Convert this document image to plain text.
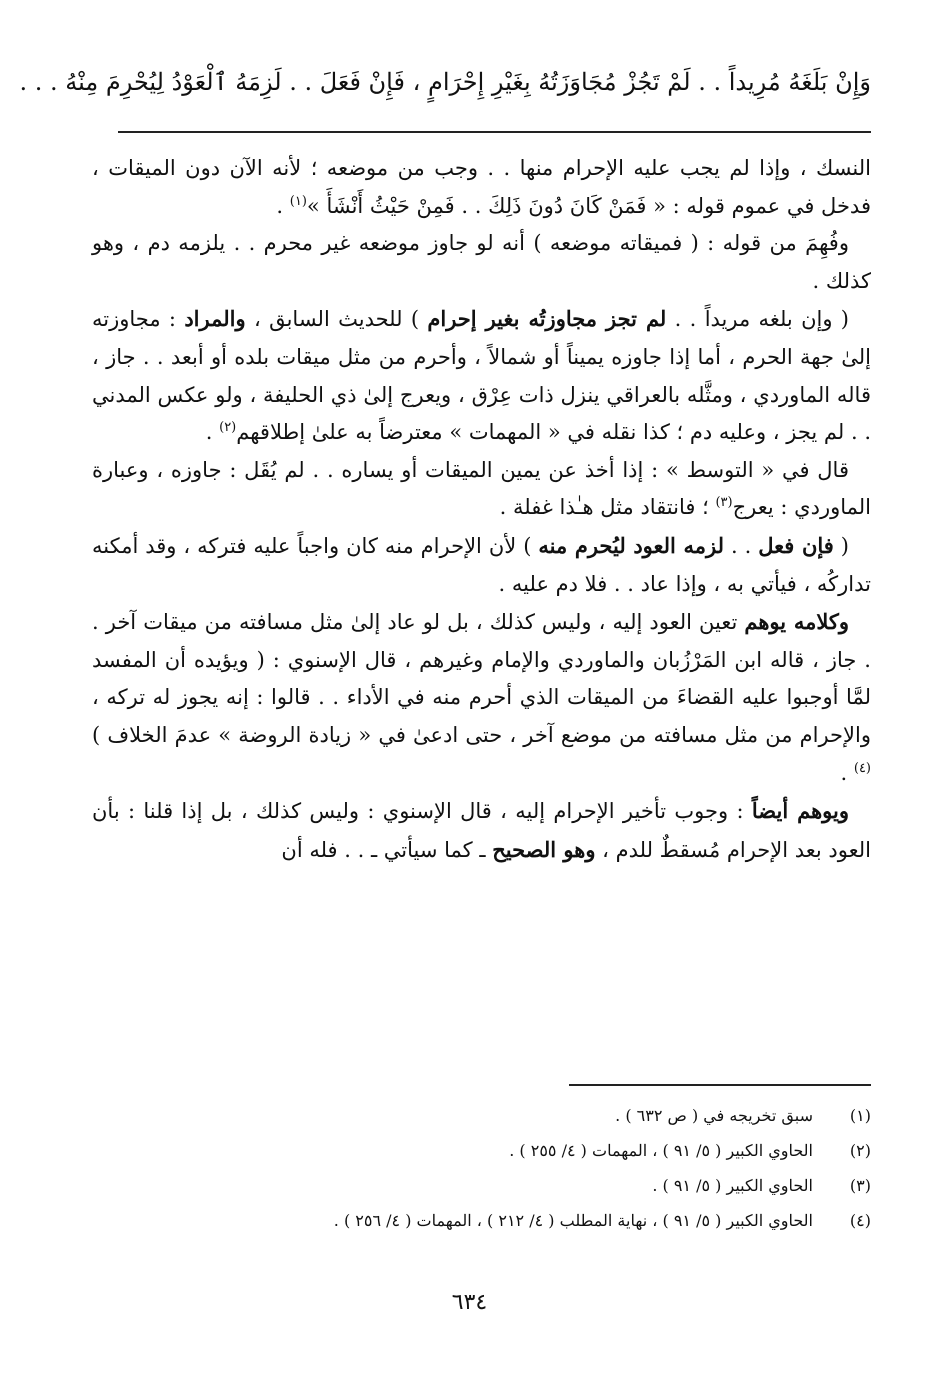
وَإِنْ بَلَغَهُ مُرِيداً . . لَمْ تَجُزْ مُجَاوَزَتُهُ بِغَيْرِ إِحْرَامٍ ، فَإِنْ فَعَلَ . . لَزِمَهُ ٱلْعَوْدُ لِيُحْرِمَ مِنْهُ . . .

النسك ، وإذا لم يجب عليه الإحرام منها . . وجب من موضعه ؛ لأنه الآن دون الميقات ، فدخل في عموم قوله : « فَمَنْ كَانَ دُونَ ذَلِكَ . . فَمِنْ حَيْثُ أَنْشَأَ »$^{(١)}$ .

وفُهِمَ من قوله : ( فميقاته موضعه ) أنه لو جاوز موضعه غير محرم . . يلزمه دم ، وهو كذلك .

( وإن بلغه مريداً . . لم تجز مجاوزتُه بغير إحرام ) للحديث السابق ، والمراد : مجاوزته إلىٰ جهة الحرم ، أما إذا جاوزه يميناً أو شمالاً ، وأحرم من مثل ميقات بلده أو أبعد . . جاز ، قاله الماوردي ، ومثَّله بالعراقي ينزل ذات عِرْق ، ويعرج إلىٰ ذي الحليفة ، ولو عكس المدني . . لم يجز ، وعليه دم ؛ كذا نقله في « المهمات » معترضاً به علىٰ إطلاقهم$^{(٢)}$ .

قال في « التوسط » : إذا أخذ عن يمين الميقات أو يساره . . لم يُقَل : جاوزه ، وعبارة الماوردي : يعرج$^{(٣)}$ ؛ فانتقاد مثل هـٰذا غفلة .

( فإن فعل . . لزمه العود ليُحرم منه ) لأن الإحرام منه كان واجباً عليه فتركه ، وقد أمكنه تداركُه ، فيأتي به ، وإذا عاد . . فلا دم عليه .

وكلامه يوهم تعين العود إليه ، وليس كذلك ، بل لو عاد إلىٰ مثل مسافته من ميقات آخر . . جاز ، قاله ابن المَرْزُبان والماوردي والإمام وغيرهم ، قال الإسنوي : ( ويؤيده أن المفسد لمَّا أوجبوا عليه القضاءَ من الميقات الذي أحرم منه في الأداء . . قالوا : إنه يجوز له تركه ، والإحرام من مثل مسافته من موضع آخر ، حتى ادعىٰ في « زيادة الروضة » عدمَ الخلاف )$^{(٤)}$ .

ويوهم أيضاً : وجوب تأخير الإحرام إليه ، قال الإسنوي : وليس كذلك ، بل إذا قلنا : بأن العود بعد الإحرام مُسقطٌ للدم ، وهو الصحيح ـ كما سيأتي ـ . . فله أن

(١)
سبق تخريجه في ( ص ٦٣٢ ) .
(٢)
الحاوي الكبير ( ٥/ ٩١ ) ، المهمات ( ٤/ ٢٥٥ ) .
(٣)
الحاوي الكبير ( ٥/ ٩١ ) .
(٤)
الحاوي الكبير ( ٥/ ٩١ ) ، نهاية المطلب ( ٤/ ٢١٢ ) ، المهمات ( ٤/ ٢٥٦ ) .
٦٣٤
